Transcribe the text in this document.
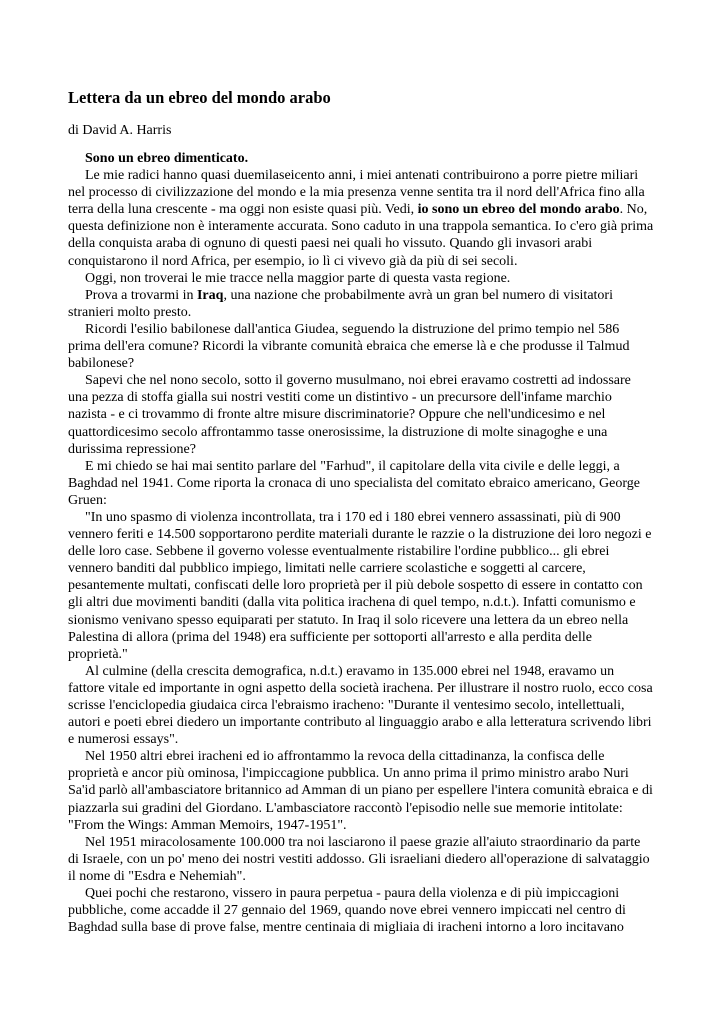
Lettera da un ebreo del mondo arabo
di David A. Harris

Sono un ebreo dimenticato.

Le mie radici hanno quasi duemilaseicento anni, i miei antenati contribuirono a porre pietre miliari nel processo di civilizzazione del mondo e la mia presenza venne sentita tra il nord dell'Africa fino alla terra della luna crescente - ma oggi non esiste quasi più. Vedi, io sono un ebreo del mondo arabo. No, questa definizione non è interamente accurata. Sono caduto in una trappola semantica. Io c'ero già prima della conquista araba di ognuno di questi paesi nei quali ho vissuto. Quando gli invasori arabi conquistarono il nord Africa, per esempio, io lì ci vivevo già da più di sei secoli.

Oggi, non troverai le mie tracce nella maggior parte di questa vasta regione.

Prova a trovarmi in Iraq, una nazione che probabilmente avrà un gran bel numero di visitatori stranieri molto presto.

Ricordi l'esilio babilonese dall'antica Giudea, seguendo la distruzione del primo tempio nel 586 prima dell'era comune? Ricordi la vibrante comunità ebraica che emerse là e che produsse il Talmud babilonese?

Sapevi che nel nono secolo, sotto il governo musulmano, noi ebrei eravamo costretti ad indossare una pezza di stoffa gialla sui nostri vestiti come un distintivo - un precursore dell'infame marchio nazista - e ci trovammo di fronte altre misure discriminatorie? Oppure che nell'undicesimo e nel quattordicesimo secolo affrontammo tasse onerosissime, la distruzione di molte sinagoghe e una durissima repressione?

E mi chiedo se hai mai sentito parlare del "Farhud", il capitolare della vita civile e delle leggi, a Baghdad nel 1941. Come riporta la cronaca di uno specialista del comitato ebraico americano, George Gruen:

"In uno spasmo di violenza incontrollata, tra i 170 ed i 180 ebrei vennero assassinati, più di 900 vennero feriti e 14.500 sopportarono perdite materiali durante le razzie o la distruzione dei loro negozi e delle loro case. Sebbene il governo volesse eventualmente ristabilire l'ordine pubblico... gli ebrei vennero banditi dal pubblico impiego, limitati nelle carriere scolastiche e soggetti al carcere, pesantemente multati, confiscati delle loro proprietà per il più debole sospetto di essere in contatto con gli altri due movimenti banditi (dalla vita politica irachena di quel tempo, n.d.t.). Infatti comunismo e sionismo venivano spesso equiparati per statuto. In Iraq il solo ricevere una lettera da un ebreo nella Palestina di allora (prima del 1948) era sufficiente per sottoporti all'arresto e alla perdita delle proprietà."

Al culmine (della crescita demografica, n.d.t.) eravamo in 135.000 ebrei nel 1948, eravamo un fattore vitale ed importante in ogni aspetto della società irachena. Per illustrare il nostro ruolo, ecco cosa scrisse l'enciclopedia giudaica circa l'ebraismo iracheno: "Durante il ventesimo secolo, intellettuali, autori e poeti ebrei diedero un importante contributo al linguaggio arabo e alla letteratura scrivendo libri e numerosi essays".

Nel 1950 altri ebrei iracheni ed io affrontammo la revoca della cittadinanza, la confisca delle proprietà e ancor più ominosa, l'impiccagione pubblica. Un anno prima il primo ministro arabo Nuri Sa'id parlò all'ambasciatore britannico ad Amman di un piano per espellere l'intera comunità ebraica e di piazzarla sui gradini del Giordano. L'ambasciatore raccontò l'episodio nelle sue memorie intitolate: "From the Wings: Amman Memoirs, 1947-1951".

Nel 1951 miracolosamente 100.000 tra noi lasciarono il paese grazie all'aiuto straordinario da parte di Israele, con un po' meno dei nostri vestiti addosso. Gli israeliani diedero all'operazione di salvataggio il nome di "Esdra e Nehemiah".

Quei pochi che restarono, vissero in paura perpetua - paura della violenza e di più impiccagioni pubbliche, come accadde il 27 gennaio del 1969, quando nove ebrei vennero impiccati nel centro di Baghdad sulla base di prove false, mentre centinaia di migliaia di iracheni intorno a loro incitavano
